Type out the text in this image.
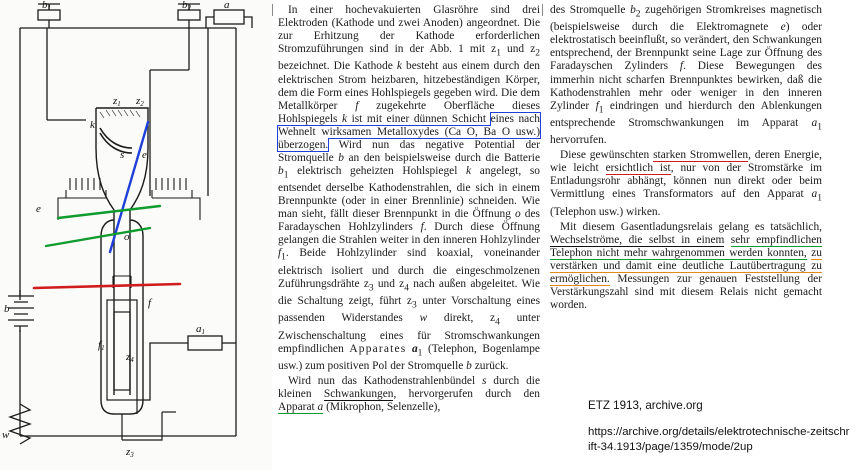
b1	b2	a
z1 z2
k
s e
e
o
f
f1
a1
z4
z3
b
w

In einer hochevakuierten Glasröhre sind drei Elektroden (Kathode und zwei Anoden) angeordnet. Die zur Erhitzung der Kathode erforderlichen Stromzuführungen sind in der Abb. 1 mit $z_1$ und $z_2$ bezeichnet. Die Kathode k besteht aus einem durch den elektrischen Strom heizbaren, hitzebeständigen Körper, dem die Form eines Hohlspiegels gegeben wird. Die dem Metallkörper f zugekehrte Oberfläche dieses Hohlspiegels k ist mit einer dünnen Schicht eines nach Wehnelt wirksamen Metalloxydes (Ca O, Ba O usw.) überzogen. Wird nun das negative Potential der Stromquelle b an den beispielsweise durch die Batterie $b_1$ elektrisch geheizten Hohlspiegel k angelegt, so entsendet derselbe Kathodenstrahlen, die sich in einem Brennpunkte (oder in einer Brennlinie) schneiden. Wie man sieht, fällt dieser Brennpunkt in die Öffnung o des Faradayschen Hohlzylinders f. Durch diese Öffnung gelangen die Strahlen weiter in den inneren Hohlzylinder $f_1$. Beide Hohlzylinder sind koaxial, voneinander elektrisch isoliert und durch die eingeschmolzenen Zuführungsdrähte $z_3$ und $z_4$ nach außen abgeleitet. Wie die Schaltung zeigt, führt $z_3$ unter Vorschaltung eines passenden Widerstandes w direkt, $z_4$ unter Zwischenschaltung eines für Stromschwankungen empfindlichen Apparates $a_1$ (Telephon, Bogenlampe usw.) zum positiven Pol der Stromquelle b zurück.

Wird nun das Kathodenstrahlenbündel s durch die kleinen Schwankungen, hervorgerufen durch den Apparat a (Mikrophon, Selenzelle),

des Stromquelle $b_2$ zugehörigen Stromkreises magnetisch (beispielsweise durch die Elektromagnete e) oder elektrostatisch beeinflußt, so verändert, den Schwankungen entsprechend, der Brennpunkt seine Lage zur Öffnung des Faradayschen Zylinders f. Diese Bewegungen des immerhin nicht scharfen Brennpunktes bewirken, daß die Kathodenstrahlen mehr oder weniger in den inneren Zylinder $f_1$ eindringen und hierdurch den Ablenkungen entsprechende Stromschwankungen im Apparat $a_1$ hervorrufen.

Diese gewünschten starken Stromwellen, deren Energie, wie leicht ersichtlich ist, nur von der Stromstärke im Entladungsrohr abhängt, können nun direkt oder beim Vermittlung eines Transformators auf den Apparat $a_1$ (Telephon usw.) wirken.

Mit diesem Gasentladungsrelais gelang es tatsächlich, Wechselströme, die selbst in einem sehr empfindlichen Telephon nicht mehr wahrgenommen werden konnten, zu verstärken und damit eine deutliche Lautübertragung zu ermöglichen. Messungen zur genauen Feststellung der Verstärkungszahl sind mit diesem Relais nicht gemacht worden.

ETZ 1913, archive.org
https://archive.org/details/elektrotechnische-zeitschrift-34.1913/page/1359/mode/2up
